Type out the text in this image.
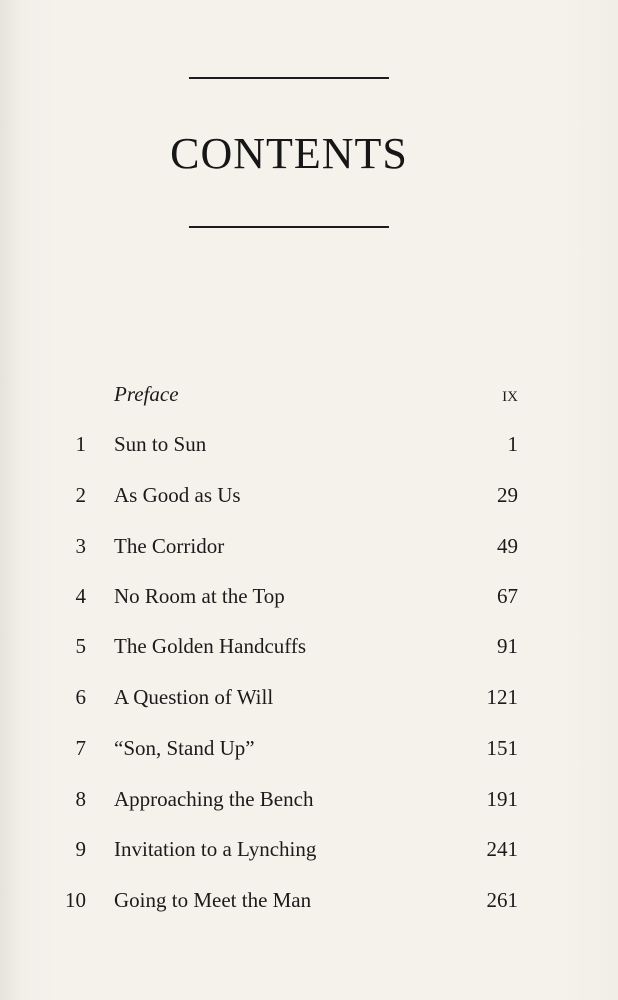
CONTENTS
Preface	ix
1 Sun to Sun	1
2 As Good as Us	29
3 The Corridor	49
4 No Room at the Top	67
5 The Golden Handcuffs	91
6 A Question of Will	121
7 “Son, Stand Up”	151
8 Approaching the Bench	191
9 Invitation to a Lynching	241
10 Going to Meet the Man	261
